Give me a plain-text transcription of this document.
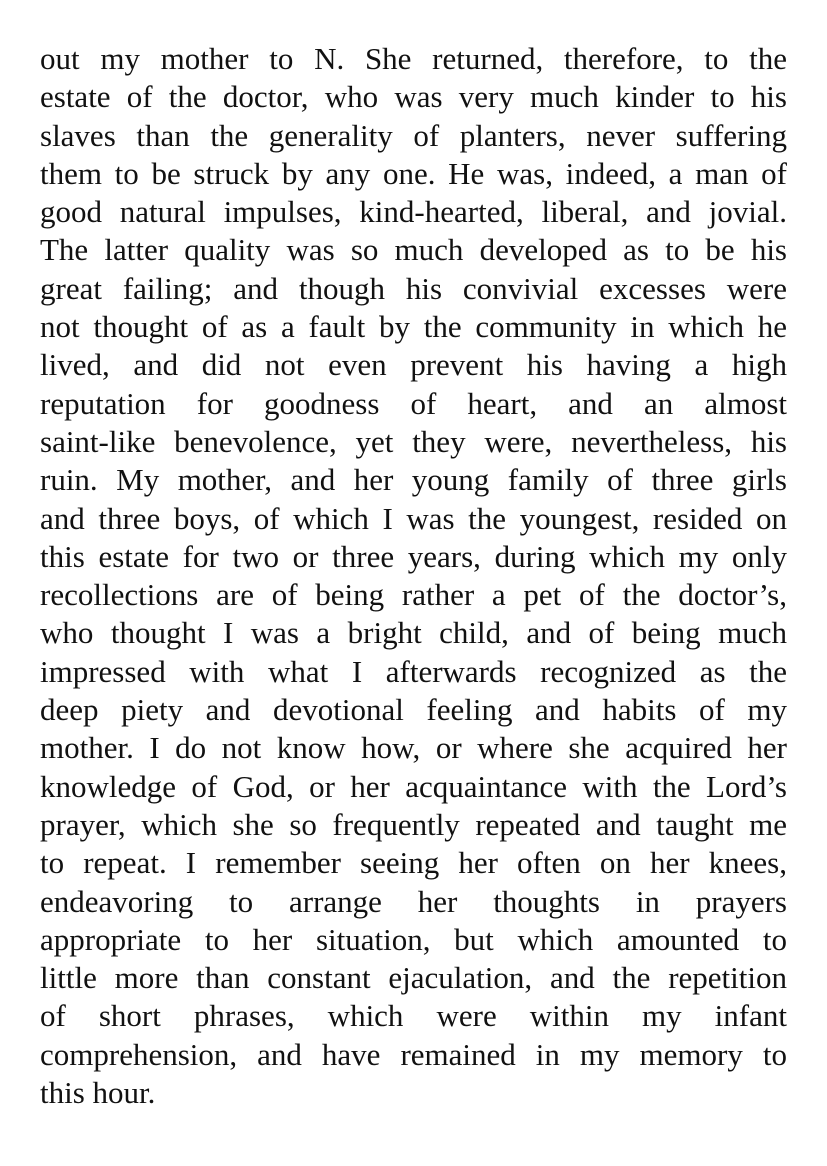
out my mother to N. She returned, therefore, to the
estate of the doctor, who was very much kinder to his
slaves than the generality of planters, never suffering
them to be struck by any one. He was, indeed, a man of
good natural impulses, kind-hearted, liberal, and jovial.
The latter quality was so much developed as to be his
great failing; and though his convivial excesses were
not thought of as a fault by the community in which he
lived, and did not even prevent his having a high
reputation for goodness of heart, and an almost
saint-like benevolence, yet they were, nevertheless, his
ruin. My mother, and her young family of three girls
and three boys, of which I was the youngest, resided on
this estate for two or three years, during which my only
recollections are of being rather a pet of the doctor’s,
who thought I was a bright child, and of being much
impressed with what I afterwards recognized as the
deep piety and devotional feeling and habits of my
mother. I do not know how, or where she acquired her
knowledge of God, or her acquaintance with the Lord’s
prayer, which she so frequently repeated and taught me
to repeat. I remember seeing her often on her knees,
endeavoring to arrange her thoughts in prayers
appropriate to her situation, but which amounted to
little more than constant ejaculation, and the repetition
of short phrases, which were within my infant
comprehension, and have remained in my memory to
this hour.
